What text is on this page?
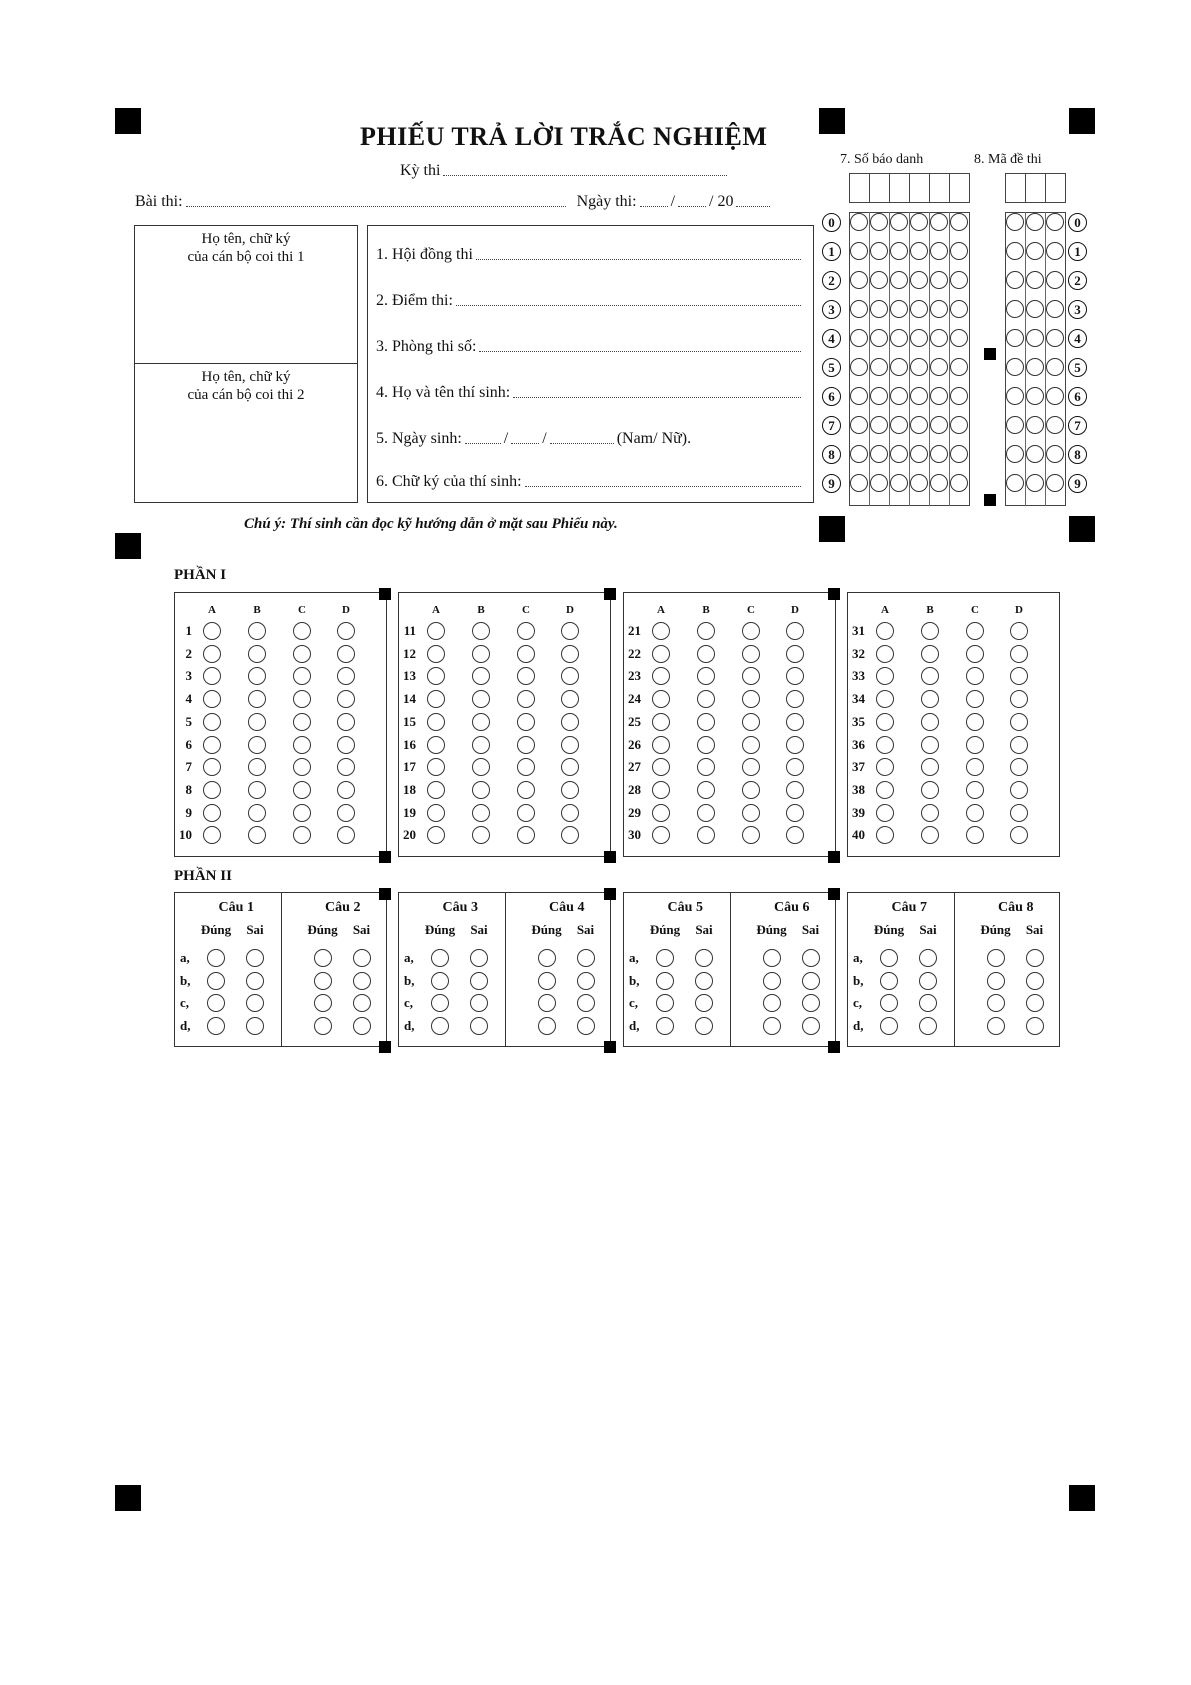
PHIẾU TRẢ LỜI TRẮC NGHIỆM
Kỳ thi
Bài thi:	Ngày thi: / / 20
Họ tên, chữ ký
của cán bộ coi thi 1
Họ tên, chữ ký
của cán bộ coi thi 2
1. Hội đồng thi
2. Điểm thi:
3. Phòng thi số:
4. Họ và tên thí sinh:
5. Ngày sinh:	/ /	(Nam/ Nữ).
6. Chữ ký của thí sinh:
7. Số báo danh	8. Mã đề thi
0	0
1	1
2	2
3	3
4	4
5	5
6	6
7	7
8	8
9	9
Chú ý: Thí sinh cần đọc kỹ hướng dẫn ở mặt sau Phiếu này.
PHẦN I
A	B	C	D
1
2
3
4
5
6
7
8
9
10
A	B	C	D
11
12
13
14
15
16
17
18
19
20
A	B	C	D
21
22
23
24
25
26
27
28
29
30
A	B	C	D
31
32
33
34
35
36
37
38
39
40
PHẦN II
Câu 1
Đúng	Sai
a,
b,
c,
d,
Câu 2
Đúng	Sai
Câu 3
Đúng	Sai
a,
b,
c,
d,
Câu 4
Đúng	Sai
Câu 5
Đúng	Sai
a,
b,
c,
d,
Câu 6
Đúng	Sai
Câu 7
Đúng	Sai
a,
b,
c,
d,
Câu 8
Đúng	Sai
